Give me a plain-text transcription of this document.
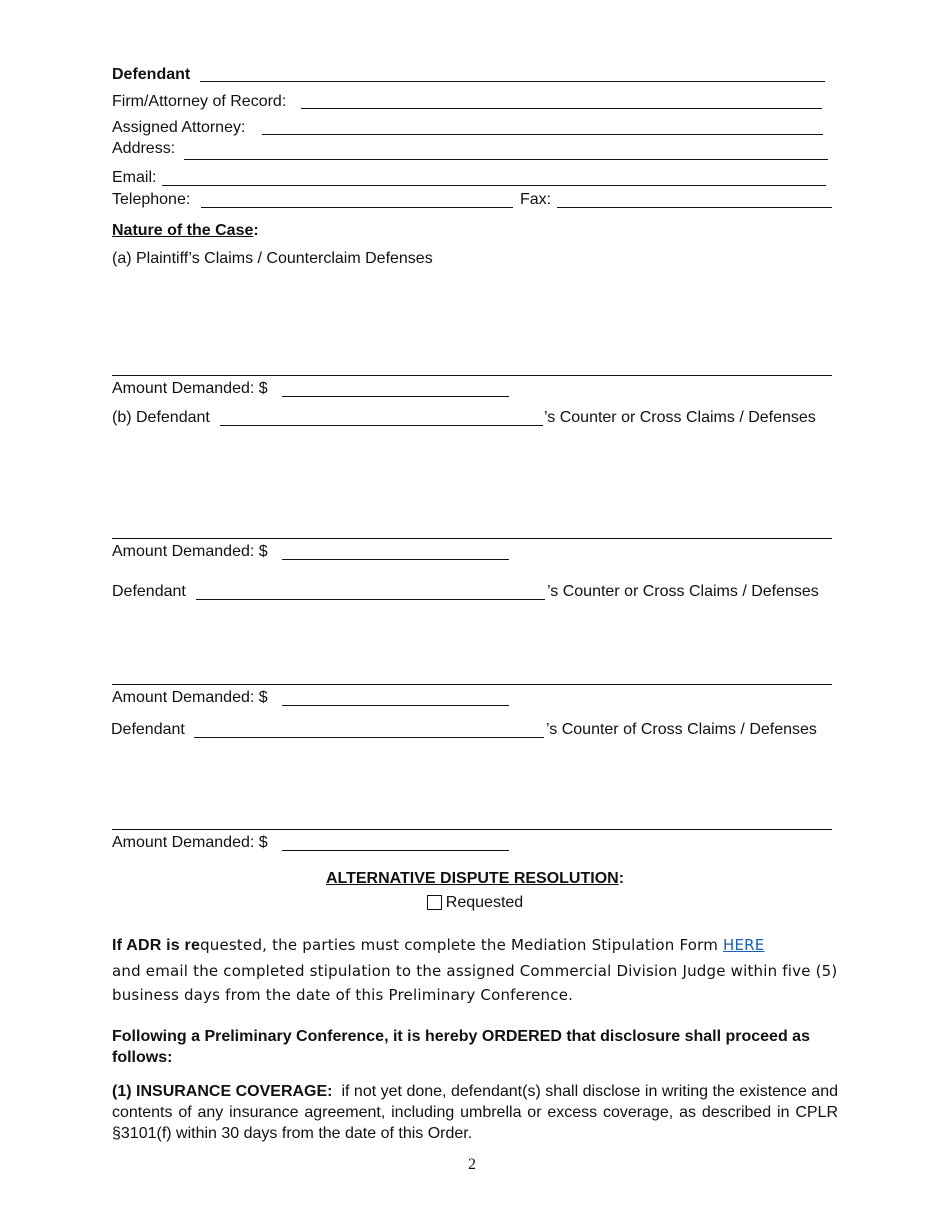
Defendant
Firm/Attorney of Record:
Assigned Attorney:
Address:
Email:
Telephone:	Fax:
Nature of the Case:
(a) Plaintiff’s Claims / Counterclaim Defenses
Amount Demanded: $
(b) Defendant	’s Counter or Cross Claims / Defenses
Amount Demanded: $
Defendant	’s Counter or Cross Claims / Defenses
Amount Demanded: $
Defendant	’s Counter of Cross Claims / Defenses
Amount Demanded: $
ALTERNATIVE DISPUTE RESOLUTION:
Requested
If ADR is requested, the parties must complete the Mediation Stipulation Form HERE
and email the completed stipulation to the assigned Commercial Division Judge within five (5) business days from the date of this Preliminary Conference.
Following a Preliminary Conference, it is hereby ORDERED that disclosure shall proceed as follows:
(1) INSURANCE COVERAGE:  if not yet done, defendant(s) shall disclose in writing the existence and contents of any insurance agreement, including umbrella or excess coverage, as described in CPLR §3101(f) within 30 days from the date of this Order.
2
